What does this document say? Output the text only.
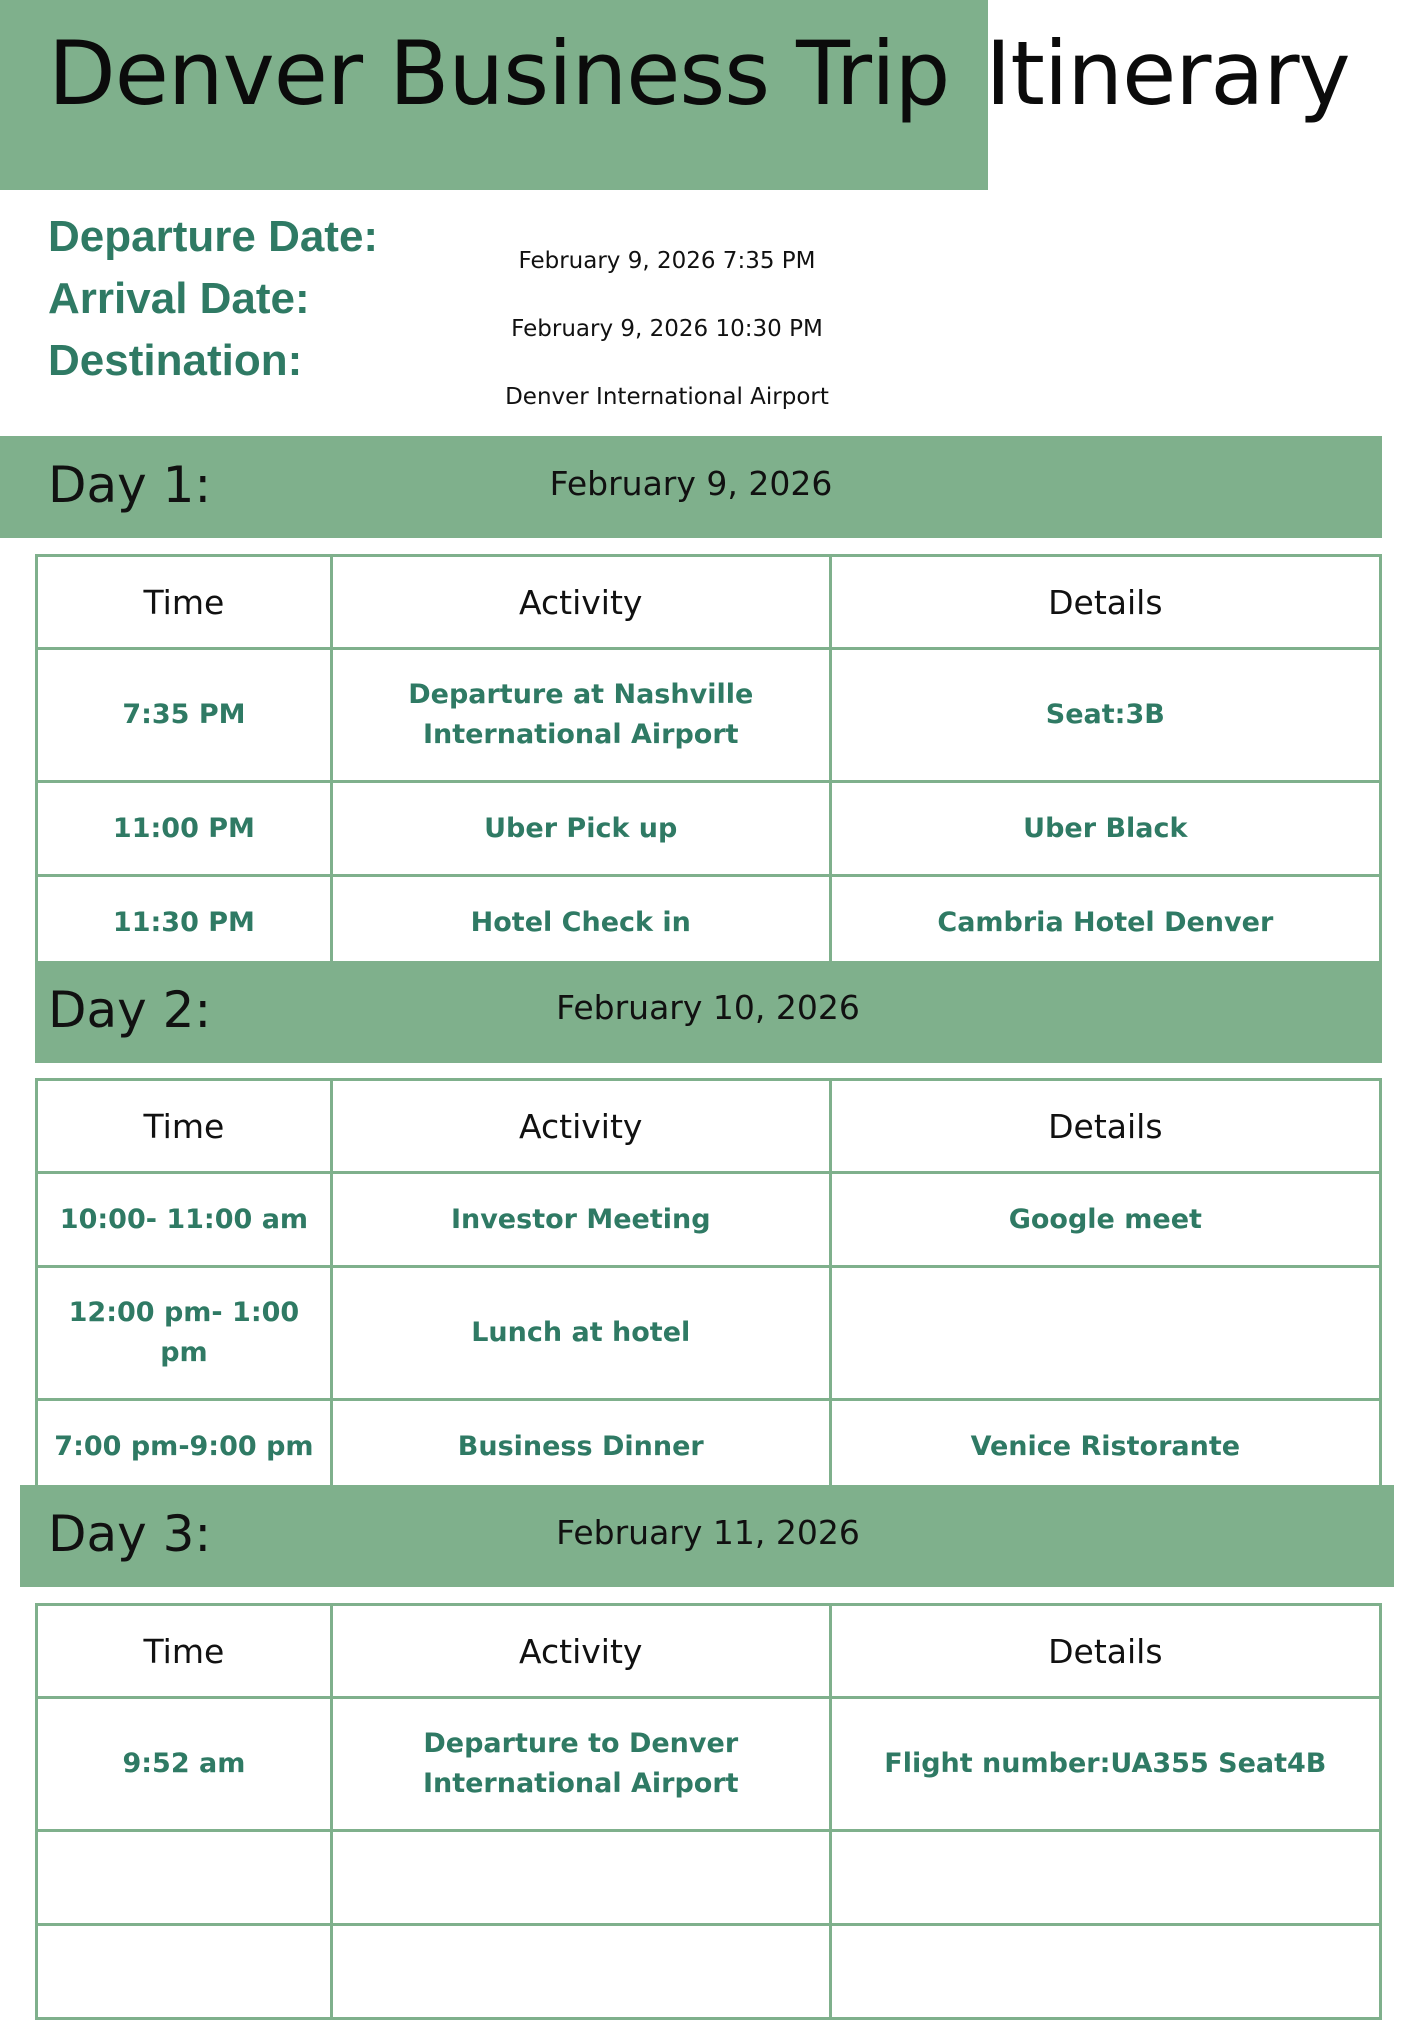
Denver Business Trip Itinerary
Departure Date:	February 9, 2026 7:35 PM
Arrival Date:
February 9, 2026 10:30 PM
Destination:
Denver International Airport
Day 1:	February 9, 2026
Time	Activity	Details
7:35 PM	Departure at Nashville International Airport	Seat:3B
11:00 PM	Uber Pick up	Uber Black
11:30 PM	Hotel Check in	Cambria Hotel Denver
Day 2:	February 10, 2026
Time	Activity	Details
10:00- 11:00 am	Investor Meeting	Google meet
12:00 pm- 1:00 pm	Lunch at hotel	
7:00 pm-9:00 pm	Business Dinner	Venice Ristorante
Day 3:	February 11, 2026
Time	Activity	Details
9:52 am	Departure to Denver International Airport	Flight number:UA355 Seat4B
